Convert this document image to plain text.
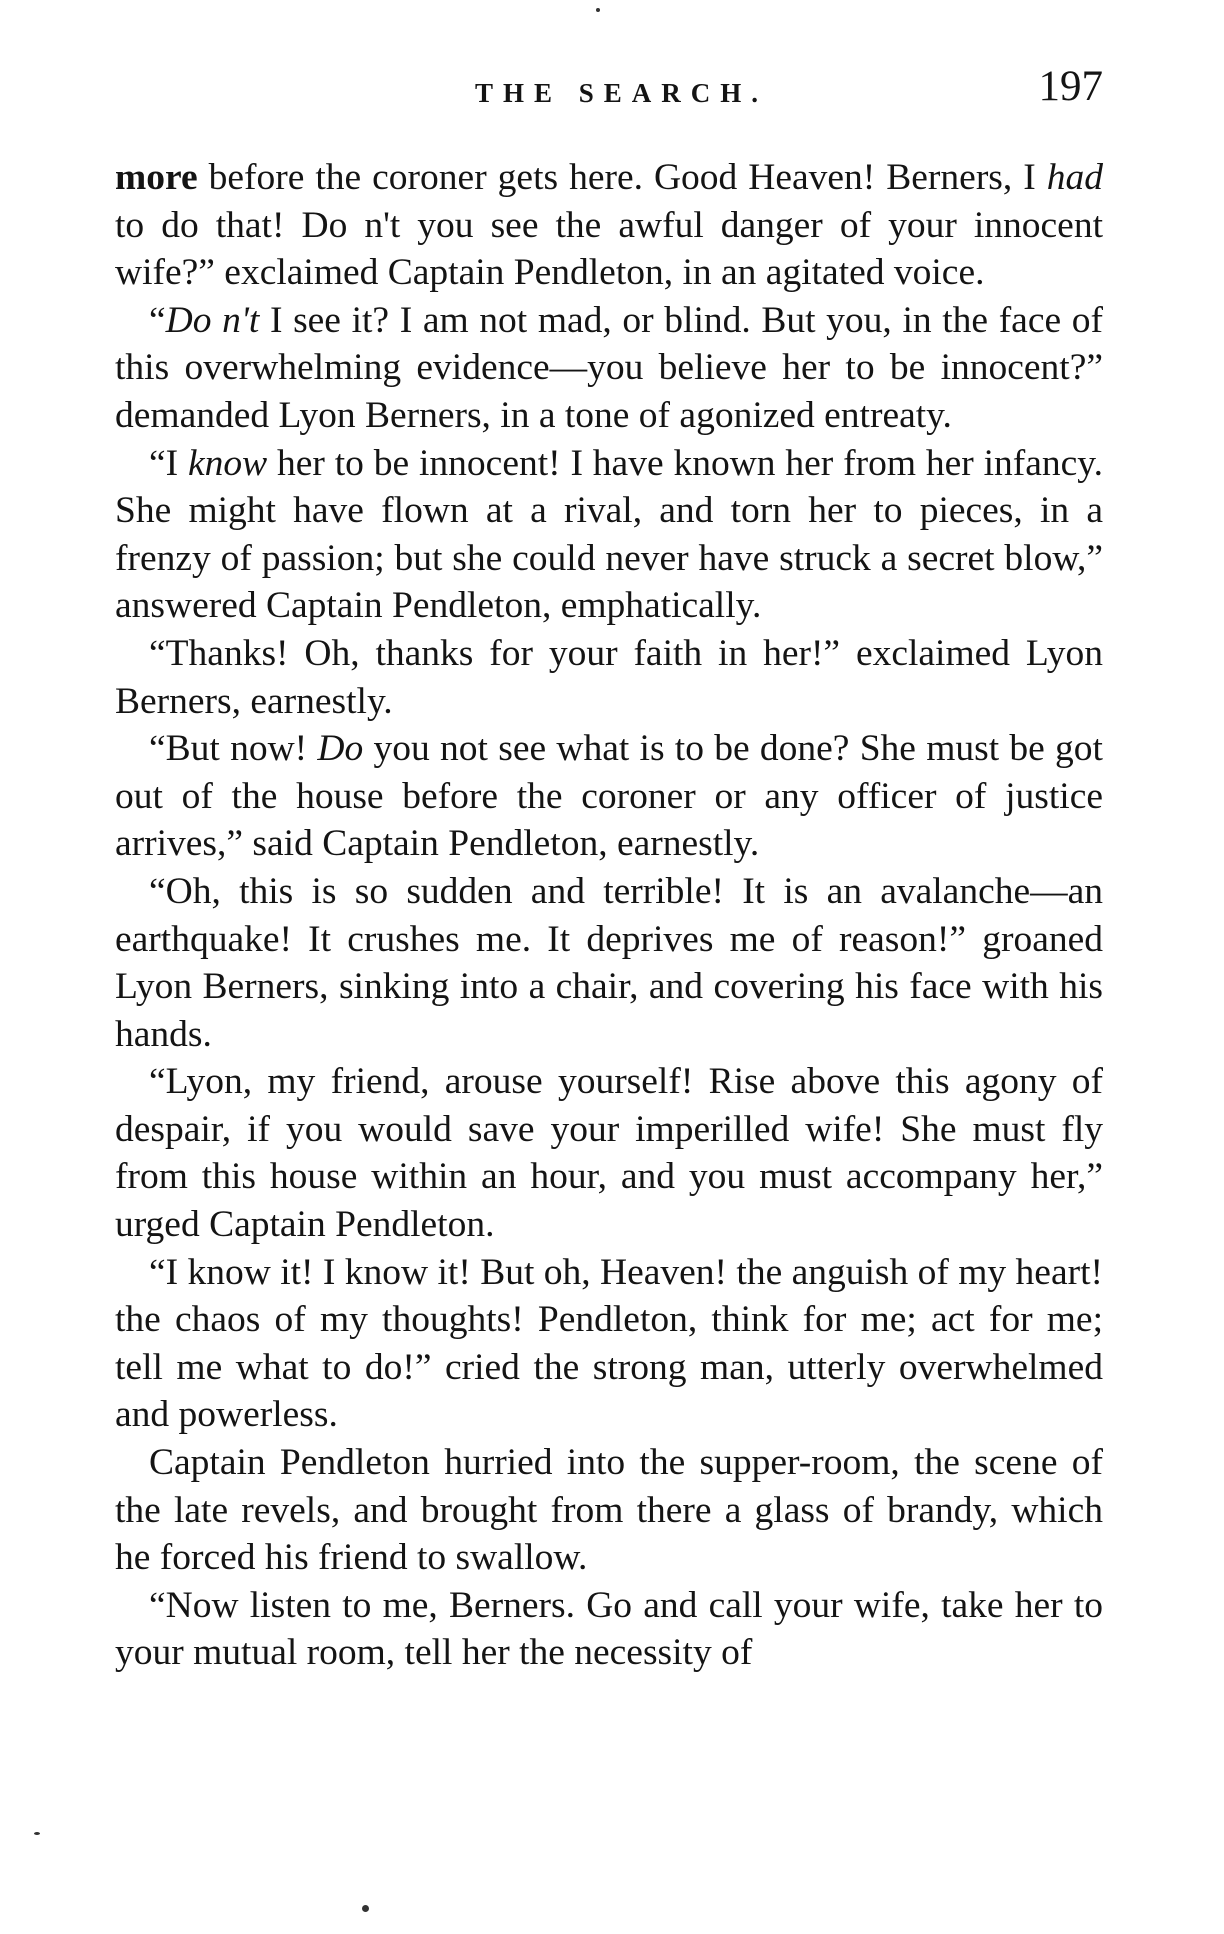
THE SEARCH.	197

more before the coroner gets here. Good Heaven! Berners, I had to do that! Do n't you see the awful danger of your innocent wife?” exclaimed Captain Pendleton, in an agitated voice.

“Do n't I see it? I am not mad, or blind. But you, in the face of this overwhelming evidence—you believe her to be innocent?” demanded Lyon Berners, in a tone of agonized entreaty.

“I know her to be innocent! I have known her from her infancy. She might have flown at a rival, and torn her to pieces, in a frenzy of passion; but she could never have struck a secret blow,” answered Captain Pendleton, emphatically.

“Thanks! Oh, thanks for your faith in her!” exclaimed Lyon Berners, earnestly.

“But now! Do you not see what is to be done? She must be got out of the house before the coroner or any officer of justice arrives,” said Captain Pendleton, earnestly.

“Oh, this is so sudden and terrible! It is an avalanche—an earthquake! It crushes me. It deprives me of reason!” groaned Lyon Berners, sinking into a chair, and covering his face with his hands.

“Lyon, my friend, arouse yourself! Rise above this agony of despair, if you would save your imperilled wife! She must fly from this house within an hour, and you must accompany her,” urged Captain Pendleton.

“I know it! I know it! But oh, Heaven! the anguish of my heart! the chaos of my thoughts! Pendleton, think for me; act for me; tell me what to do!” cried the strong man, utterly overwhelmed and powerless.

Captain Pendleton hurried into the supper-room, the scene of the late revels, and brought from there a glass of brandy, which he forced his friend to swallow.

“Now listen to me, Berners. Go and call your wife, take her to your mutual room, tell her the necessity of
